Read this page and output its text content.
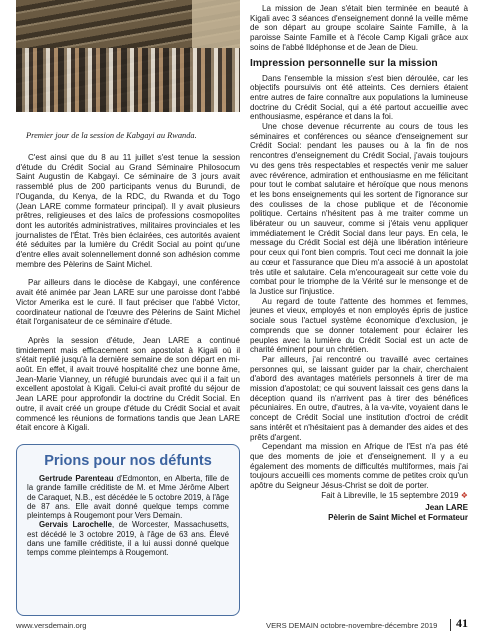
Premier jour de la session de Kabgayi au Rwanda.

C'est ainsi que du 8 au 11 juillet s'est tenue la session d'étude du Crédit Social au Grand Séminaire Philosocum Saint Augustin de Kabgayi. Ce séminaire de 3 jours avait rassemblé plus de 200 participants venus du Burundi, de l'Ouganda, du Kenya, de la RDC, du Rwanda et du Togo (Jean LARE comme formateur principal). Il y avait plusieurs prêtres, religieuses et des laïcs de professions cosmopolites dont les autorités administratives, militaires provinciales et les journalistes de l'État. Très bien éclairées, ces autorités avaient été séduites par la lumière du Crédit Social au point qu'une d'entre elles avait solennellement donné son adhésion comme membre des Pèlerins de Saint Michel.

Par ailleurs dans le diocèse de Kabgayi, une conférence avait été animée par Jean LARE sur une paroisse dont l'abbé Victor Amerika est le curé. Il faut préciser que l'abbé Victor, coordinateur national de l'œuvre des Pèlerins de Saint Michel était l'organisateur de ce séminaire d'étude.

Après la session d'étude, Jean LARE a continué timidement mais efficacement son apostolat à Kigali où il s'était replié jusqu'à la dernière semaine de son départ en mi-août. En effet, il avait trouvé hospitalité chez une bonne âme, Jean-Marie Vianney, un réfugié burundais avec qui il a fait un excellent apostolat à Kigali. Celui-ci avait profité du séjour de Jean LARE pour approfondir la doctrine du Crédit Social. En outre, il avait créé un groupe d'étude du Crédit Social et avait commencé les réunions de formations tandis que Jean LARE était encore à Kigali.

Prions pour nos défunts

Gertrude Parenteau d'Edmonton, en Alberta, fille de la grande famille créditiste de M. et Mme Jérôme Albert de Caraquet, N.B., est décédée le 5 octobre 2019, à l'âge de 87 ans. Elle avait donné quelque temps comme pleintemps à Rougemont pour Vers Demain.

Gervais Larochelle, de Worcester, Massachusetts, est décédé le 3 octobre 2019, à l'âge de 63 ans. Élevé dans une famille créditiste, il a lui aussi donné quelque temps comme pleintemps à Rougemont.

La mission de Jean s'était bien terminée en beauté à Kigali avec 3 séances d'enseignement donné la veille même de son départ au groupe scolaire Sainte Famille, à la paroisse Sainte Famille et à l'école Camp Kigali grâce aux soins de l'abbé Ildéphonse et de Jean de Dieu.

Impression personnelle sur la mission

Dans l'ensemble la mission s'est bien déroulée, car les objectifs poursuivis ont été atteints. Ces derniers étaient entre autres de faire connaître aux populations la lumineuse doctrine du Crédit Social, qui a été partout accueillie avec enthousiasme, espérance et dans la foi.

Une chose devenue récurrente au cours de tous les séminaires et conférences ou séance d'enseignement sur Crédit Social: pendant les pauses ou à la fin de nos rencontres d'enseignement du Crédit Social, j'avais toujours vu des gens très respectables et respectés venir me saluer avec révérence, admiration et enthousiasme en me félicitant pour tout le combat salutaire et héroïque que nous menons et les bons enseignements qui les sortent de l'ignorance sur des coulisses de la chose publique et de l'économie politique. Certains n'hésitent pas à me traiter comme un libérateur ou un sauveur, comme si j'étais venu appliquer immédiatement le Crédit Social dans leur pays. En cela, le message du Crédit Social est déjà une libération intérieure pour ceux qui l'ont bien compris. Tout ceci me donnait la joie au cœur et l'assurance que Dieu m'a associé à un apostolat très utile et salutaire. Cela m'encourageait sur cette voie du combat pour le triomphe de la Vérité sur le mensonge et de la Justice sur l'injustice.

Au regard de toute l'attente des hommes et femmes, jeunes et vieux, employés et non employés épris de justice sociale sous l'actuel système économique d'exclusion, je comprends que se donner totalement pour éclairer les peuples avec la lumière du Crédit Social est un acte de charité éminent pour un chrétien.

Par ailleurs, j'ai rencontré ou travaillé avec certaines personnes qui, se laissant guider par la chair, cherchaient d'abord des avantages matériels personnels à tirer de ma mission d'apostolat; ce qui souvent laissait ces gens dans la déception quand ils n'arrivent pas à tirer des bénéfices pécuniaires. En outre, d'autres, à la va-vite, voyaient dans le concept de Crédit Social une institution d'octroi de crédit sans intérêt et n'hésitaient pas à demander des aides et des prêts d'argent.

Cependant ma mission en Afrique de l'Est n'a pas été que des moments de joie et d'enseignement. Il y a eu également des moments de difficultés multiformes, mais j'ai toujours accueilli ces moments comme de petites croix qu'un apôtre du Seigneur Jésus-Christ se doit de porter.

Fait à Libreville, le 15 septembre 2019 ❖

Jean LARE
Pèlerin de Saint Michel et Formateur
www.versdemain.org	VERS DEMAIN octobre-novembre-décembre 2019 41
